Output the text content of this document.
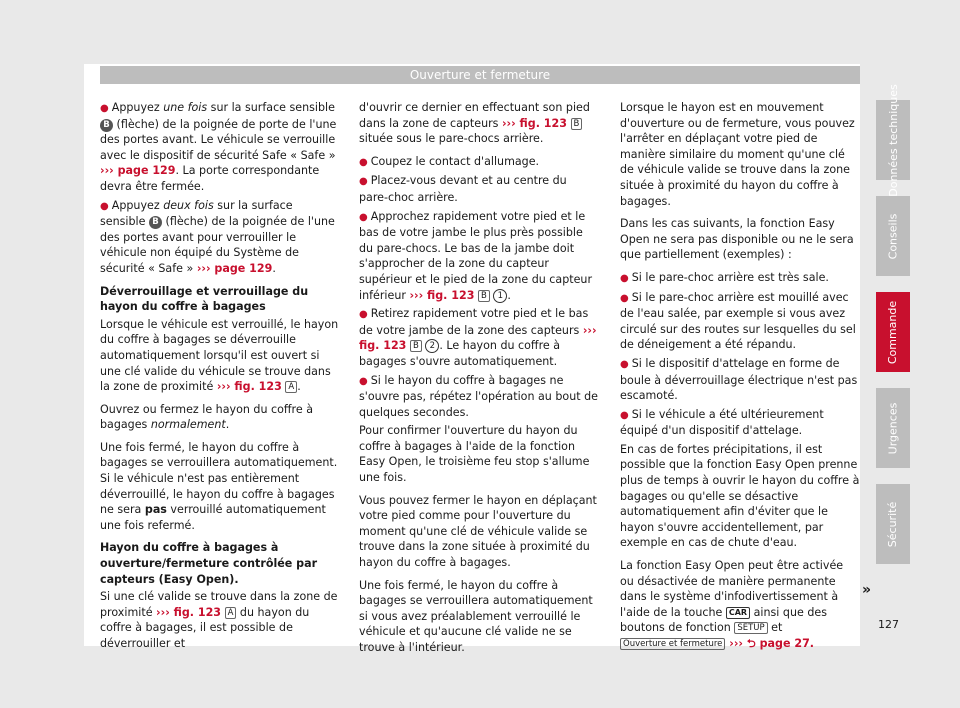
Ouverture et fermeture

● Appuyez une fois sur la surface sensible B (flèche) de la poignée de porte de l'une des portes avant. Le véhicule se verrouille avec le dispositif de sécurité Safe « Safe » ››› page 129. La porte correspondante devra être fermée.

● Appuyez deux fois sur la surface sensible B (flèche) de la poignée de l'une des portes avant pour verrouiller le véhicule non équipé du Système de sécurité « Safe » ››› page 129.

Déverrouillage et verrouillage du hayon du coffre à bagages

Lorsque le véhicule est verrouillé, le hayon du coffre à bagages se déverrouille automatiquement lorsqu'il est ouvert si une clé valide du véhicule se trouve dans la zone de proximité ››› fig. 123 A .

Ouvrez ou fermez le hayon du coffre à bagages normalement.

Une fois fermé, le hayon du coffre à bagages se verrouillera automatiquement. Si le véhicule n'est pas entièrement déverrouillé, le hayon du coffre à bagages ne sera pas verrouillé automatiquement une fois refermé.

Hayon du coffre à bagages à ouverture/fermeture contrôlée par capteurs (Easy Open).

Si une clé valide se trouve dans la zone de proximité ››› fig. 123 A du hayon du coffre à bagages, il est possible de déverrouiller et

d'ouvrir ce dernier en effectuant son pied dans la zone de capteurs ››› fig. 123 B située sous le pare-chocs arrière.

● Coupez le contact d'allumage.

● Placez-vous devant et au centre du pare-choc arrière.

● Approchez rapidement votre pied et le bas de votre jambe le plus près possible du pare-chocs. Le bas de la jambe doit s'approcher de la zone du capteur supérieur et le pied de la zone du capteur inférieur ››› fig. 123 B 1 .

● Retirez rapidement votre pied et le bas de votre jambe de la zone des capteurs ››› fig. 123 B 2 . Le hayon du coffre à bagages s'ouvre automatiquement.

● Si le hayon du coffre à bagages ne s'ouvre pas, répétez l'opération au bout de quelques secondes.

Pour confirmer l'ouverture du hayon du coffre à bagages à l'aide de la fonction Easy Open, le troisième feu stop s'allume une fois.

Vous pouvez fermer le hayon en déplaçant votre pied comme pour l'ouverture du moment qu'une clé de véhicule valide se trouve dans la zone située à proximité du hayon du coffre à bagages.

Une fois fermé, le hayon du coffre à bagages se verrouillera automatiquement si vous avez préalablement verrouillé le véhicule et qu'aucune clé valide ne se trouve à l'intérieur.

Lorsque le hayon est en mouvement d'ouverture ou de fermeture, vous pouvez l'arrêter en déplaçant votre pied de manière similaire du moment qu'une clé de véhicule valide se trouve dans la zone située à proximité du hayon du coffre à bagages.

Dans les cas suivants, la fonction Easy Open ne sera pas disponible ou ne le sera que partiellement (exemples) :

● Si le pare-choc arrière est très sale.

● Si le pare-choc arrière est mouillé avec de l'eau salée, par exemple si vous avez circulé sur des routes sur lesquelles du sel de déneigement a été répandu.

● Si le dispositif d'attelage en forme de boule à déverrouillage électrique n'est pas escamoté.

● Si le véhicule a été ultérieurement équipé d'un dispositif d'attelage.

En cas de fortes précipitations, il est possible que la fonction Easy Open prenne plus de temps à ouvrir le hayon du coffre à bagages ou qu'elle se désactive automatiquement afin d'éviter que le hayon s'ouvre accidentellement, par exemple en cas de chute d'eau.

La fonction Easy Open peut être activée ou désactivée de manière permanente dans le système d'infodivertissement à l'aide de la touche CAR ainsi que des boutons de fonction SETUP et Ouverture et fermeture ››› ⮌ page 27.

»
Données techniques
Conseils
Commande
Urgences
Sécurité
127
